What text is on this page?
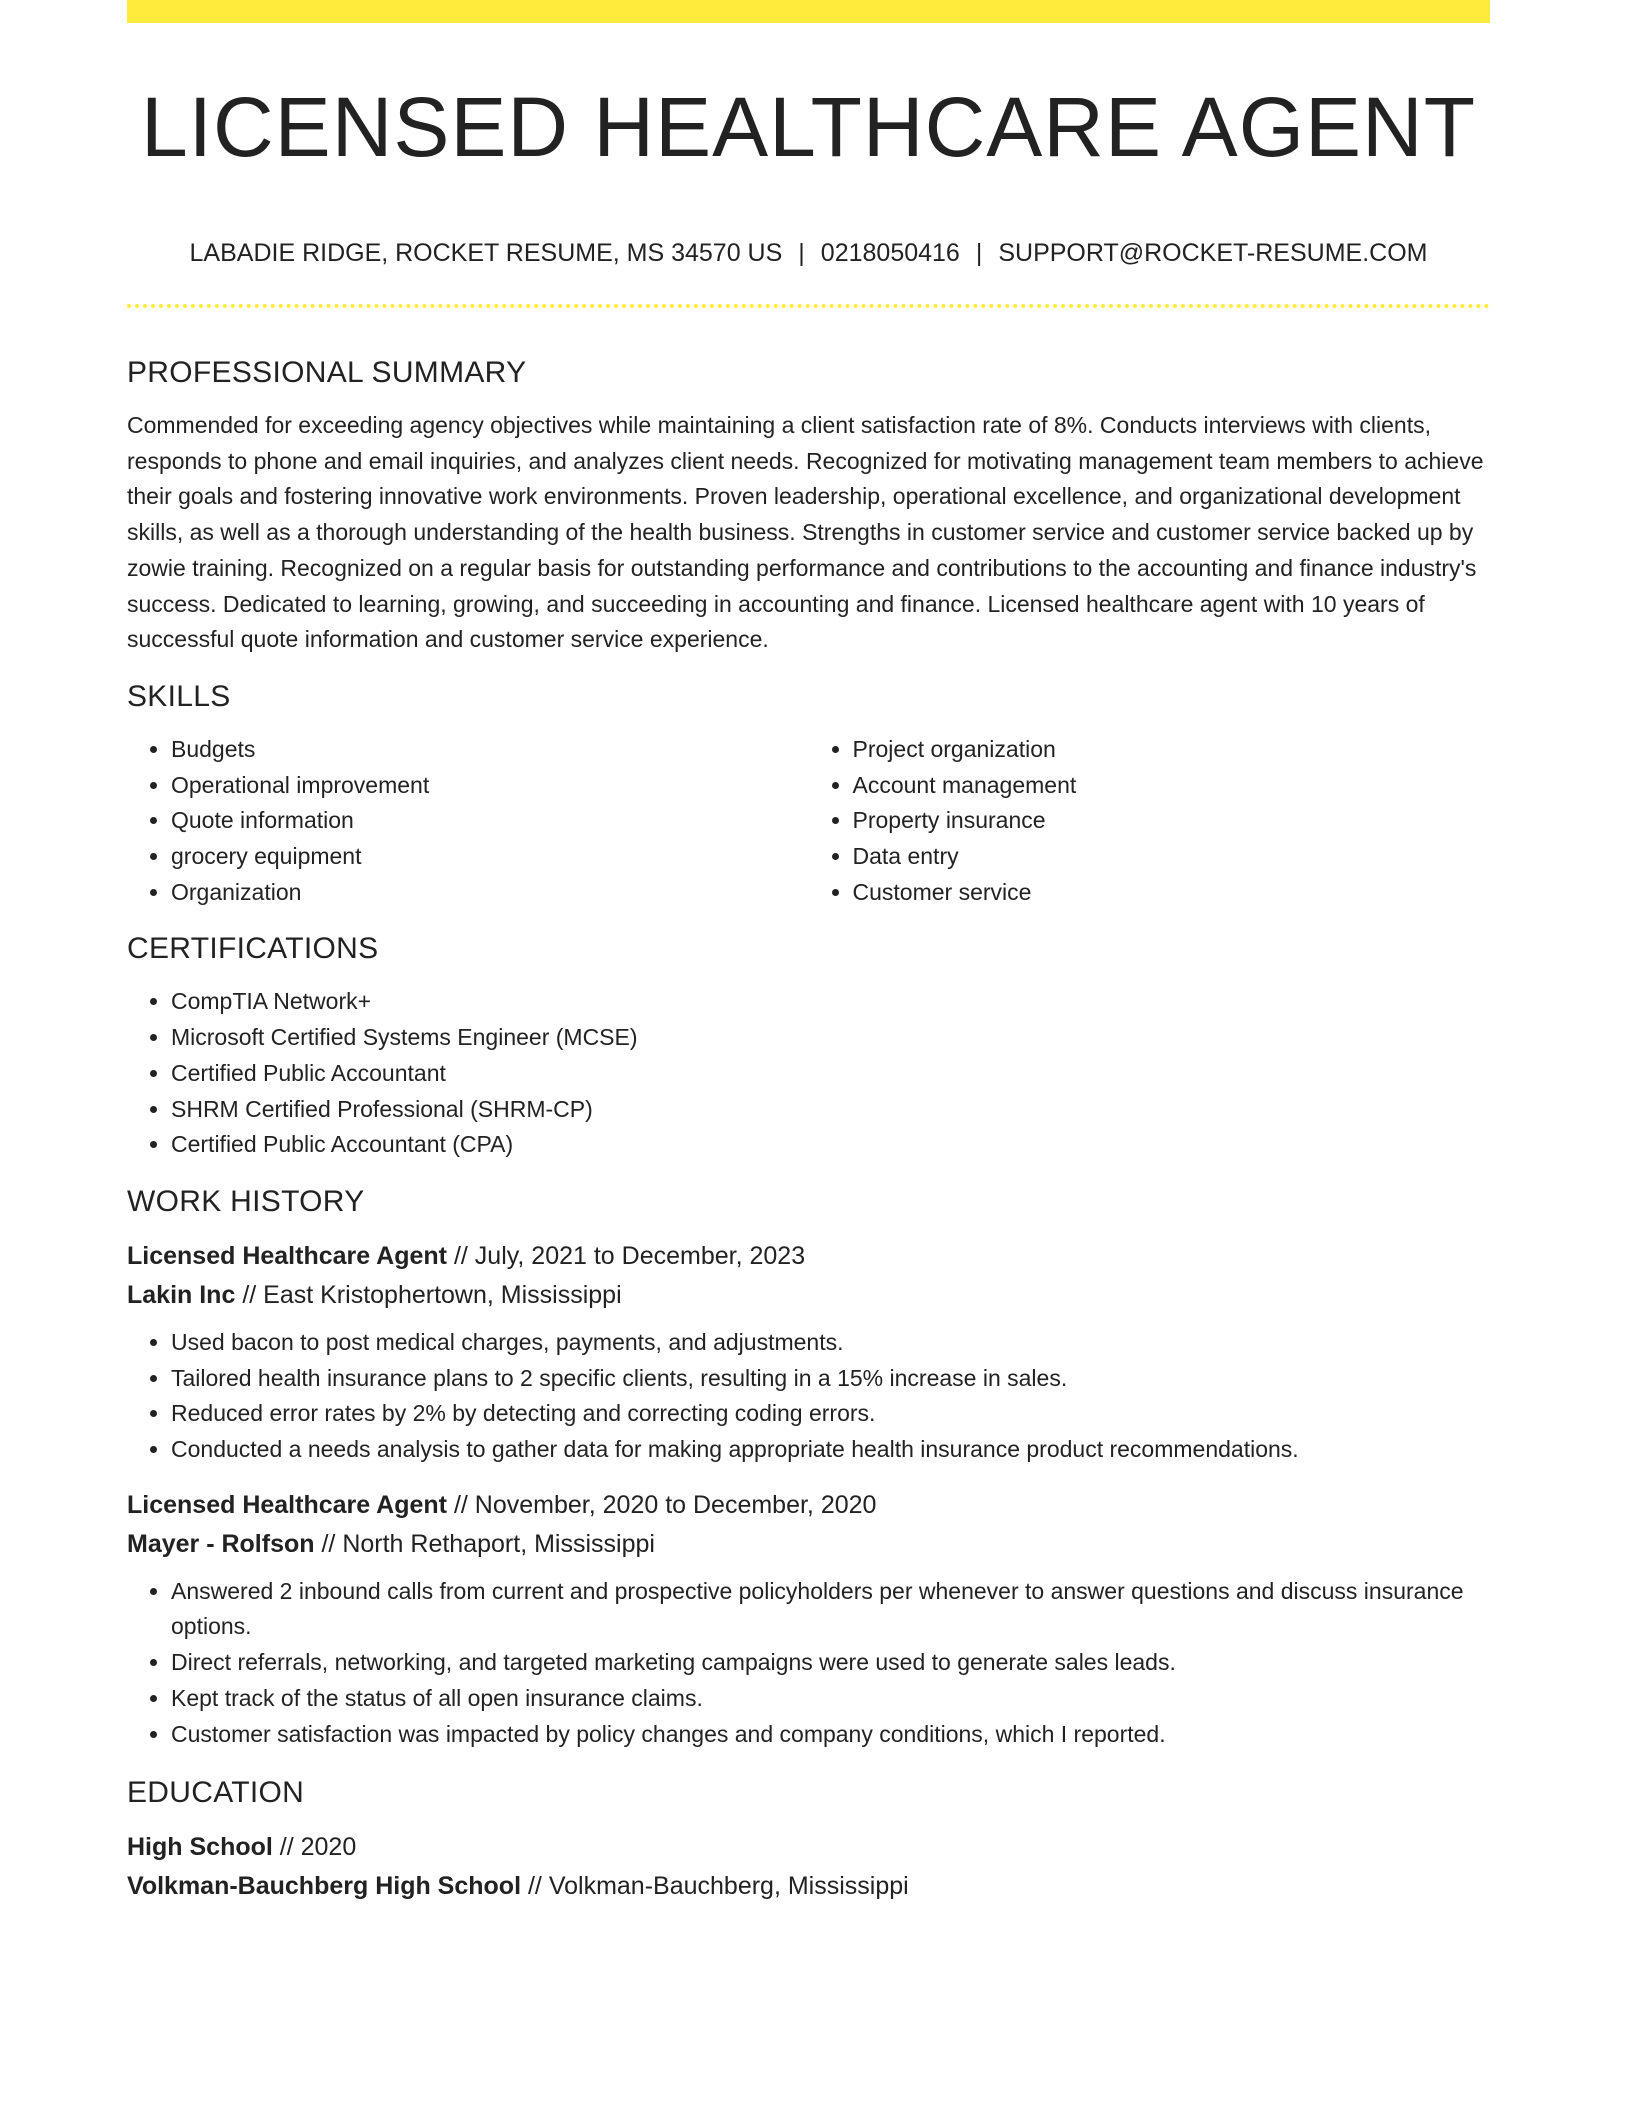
LICENSED HEALTHCARE AGENT
LABADIE RIDGE, ROCKET RESUME, MS 34570 US | 0218050416 | SUPPORT@ROCKET-RESUME.COM
PROFESSIONAL SUMMARY

Commended for exceeding agency objectives while maintaining a client satisfaction rate of 8%. Conducts interviews with clients, responds to phone and email inquiries, and analyzes client needs. Recognized for motivating management team members to achieve their goals and fostering innovative work environments. Proven leadership, operational excellence, and organizational development skills, as well as a thorough understanding of the health business. Strengths in customer service and customer service backed up by zowie training. Recognized on a regular basis for outstanding performance and contributions to the accounting and finance industry's success. Dedicated to learning, growing, and succeeding in accounting and finance. Licensed healthcare agent with 10 years of successful quote information and customer service experience.

SKILLS
• Budgets
• Operational improvement
• Quote information
• grocery equipment
• Organization
• Project organization
• Account management
• Property insurance
• Data entry
• Customer service
CERTIFICATIONS
• CompTIA Network+
• Microsoft Certified Systems Engineer (MCSE)
• Certified Public Accountant
• SHRM Certified Professional (SHRM-CP)
• Certified Public Accountant (CPA)
WORK HISTORY
Licensed Healthcare Agent // July, 2021 to December, 2023
Lakin Inc // East Kristophertown, Mississippi
• Used bacon to post medical charges, payments, and adjustments.
• Tailored health insurance plans to 2 specific clients, resulting in a 15% increase in sales.
• Reduced error rates by 2% by detecting and correcting coding errors.
• Conducted a needs analysis to gather data for making appropriate health insurance product recommendations.
Licensed Healthcare Agent // November, 2020 to December, 2020
Mayer - Rolfson // North Rethaport, Mississippi
• Answered 2 inbound calls from current and prospective policyholders per whenever to answer questions and discuss insurance options.
• Direct referrals, networking, and targeted marketing campaigns were used to generate sales leads.
• Kept track of the status of all open insurance claims.
• Customer satisfaction was impacted by policy changes and company conditions, which I reported.
EDUCATION
High School // 2020
Volkman-Bauchberg High School // Volkman-Bauchberg, Mississippi
